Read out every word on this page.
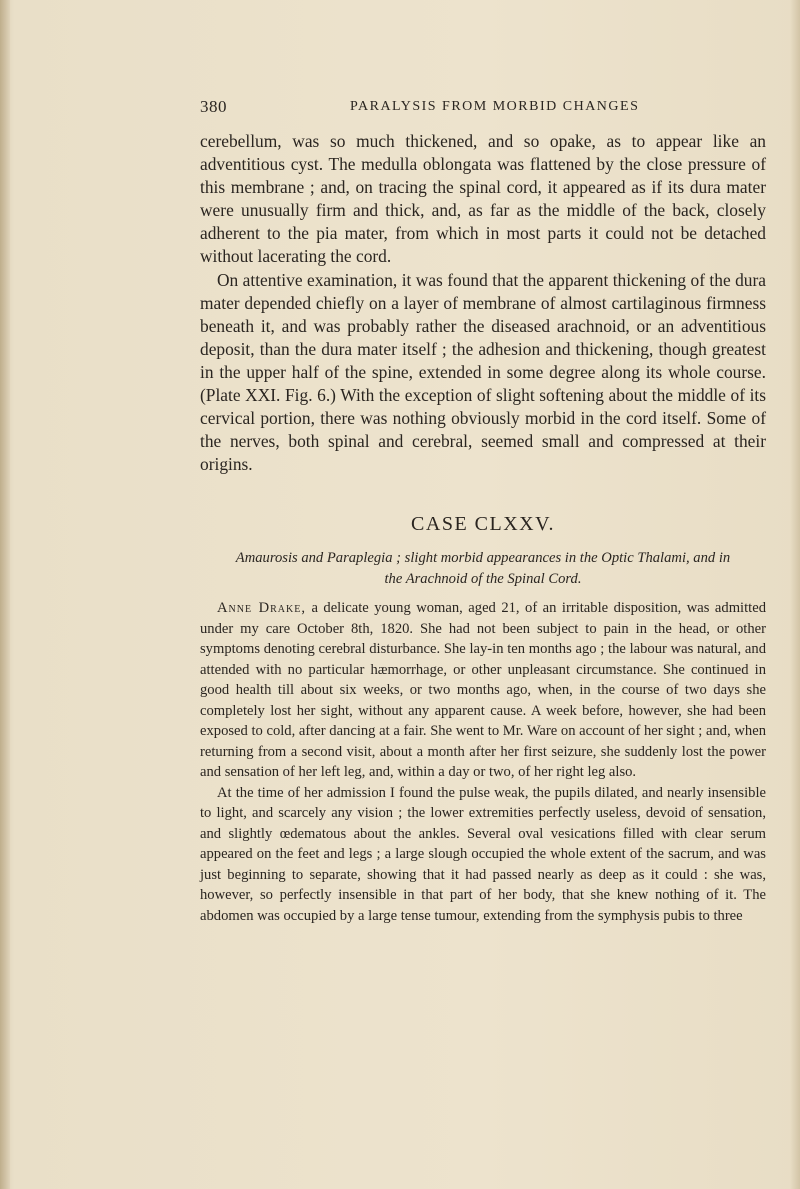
380	PARALYSIS FROM MORBID CHANGES

cerebellum, was so much thickened, and so opake, as to appear like an adventitious cyst. The medulla oblongata was flattened by the close pressure of this membrane ; and, on tracing the spinal cord, it appeared as if its dura mater were unusually firm and thick, and, as far as the middle of the back, closely adherent to the pia mater, from which in most parts it could not be detached without lacerating the cord.

On attentive examination, it was found that the apparent thickening of the dura mater depended chiefly on a layer of membrane of almost cartilaginous firmness beneath it, and was probably rather the diseased arachnoid, or an adventitious deposit, than the dura mater itself ; the adhesion and thickening, though greatest in the upper half of the spine, extended in some degree along its whole course. (Plate XXI. Fig. 6.) With the exception of slight softening about the middle of its cervical portion, there was nothing obviously morbid in the cord itself. Some of the nerves, both spinal and cerebral, seemed small and compressed at their origins.

CASE CLXXV.
Amaurosis and Paraplegia ; slight morbid appearances in the Optic Thalami, and in
the Arachnoid of the Spinal Cord.

Anne Drake, a delicate young woman, aged 21, of an irritable disposition, was admitted under my care October 8th, 1820. She had not been subject to pain in the head, or other symptoms denoting cerebral disturbance. She lay-in ten months ago ; the labour was natural, and attended with no particular hæmorrhage, or other unpleasant circumstance. She continued in good health till about six weeks, or two months ago, when, in the course of two days she completely lost her sight, without any apparent cause. A week before, however, she had been exposed to cold, after dancing at a fair. She went to Mr. Ware on account of her sight ; and, when returning from a second visit, about a month after her first seizure, she suddenly lost the power and sensation of her left leg, and, within a day or two, of her right leg also.

At the time of her admission I found the pulse weak, the pupils dilated, and nearly insensible to light, and scarcely any vision ; the lower extremities perfectly useless, devoid of sensation, and slightly œdematous about the ankles. Several oval vesications filled with clear serum appeared on the feet and legs ; a large slough occupied the whole extent of the sacrum, and was just beginning to separate, showing that it had passed nearly as deep as it could : she was, however, so perfectly insensible in that part of her body, that she knew nothing of it. The abdomen was occupied by a large tense tumour, extending from the symphysis pubis to three
